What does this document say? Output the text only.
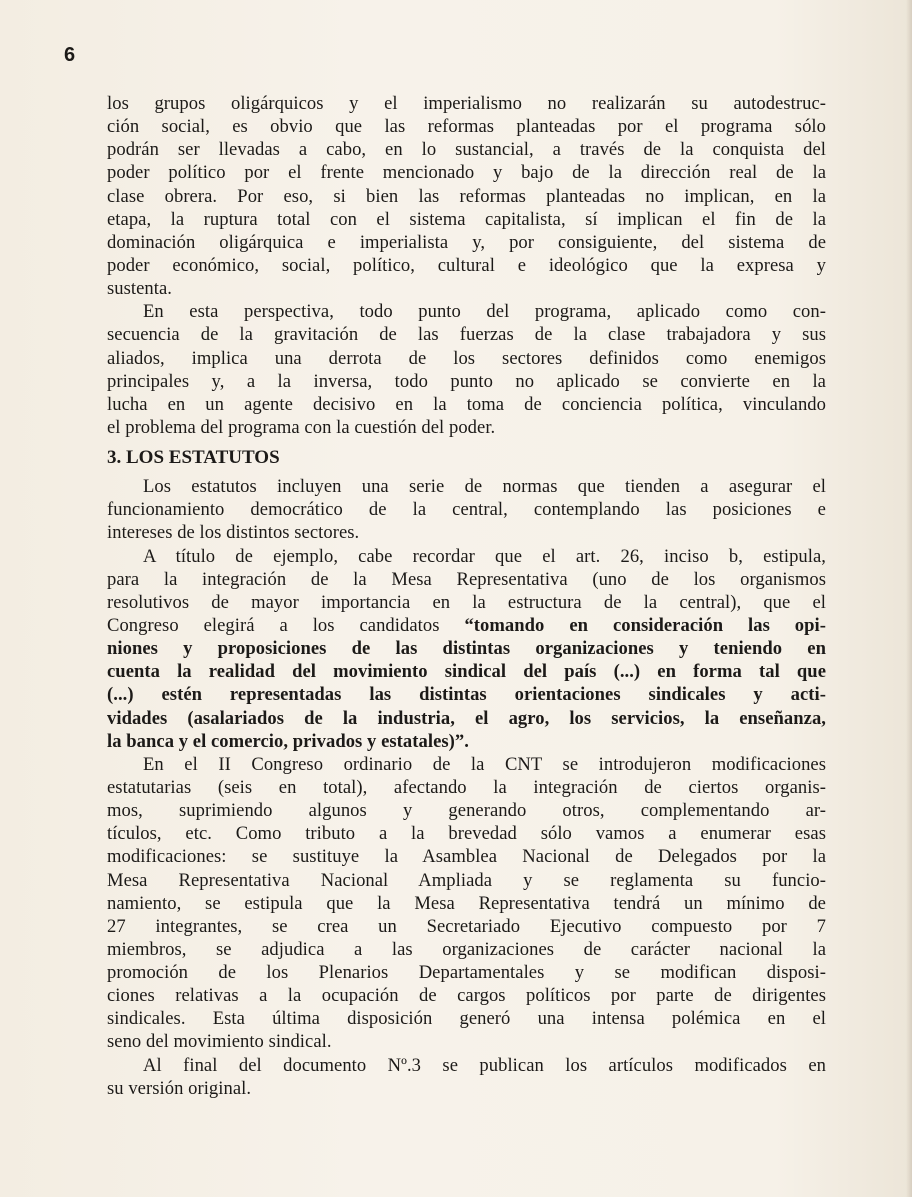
6
los grupos oligárquicos y el imperialismo no realizarán su autodestruc-
ción social, es obvio que las reformas planteadas por el programa sólo
podrán ser llevadas a cabo, en lo sustancial, a través de la conquista del
poder político por el frente mencionado y bajo de la dirección real de la
clase obrera. Por eso, si bien las reformas planteadas no implican, en la
etapa, la ruptura total con el sistema capitalista, sí implican el fin de la
dominación oligárquica e imperialista y, por consiguiente, del sistema de
poder económico, social, político, cultural e ideológico que la expresa y
sustenta.
En esta perspectiva, todo punto del programa, aplicado como con-
secuencia de la gravitación de las fuerzas de la clase trabajadora y sus
aliados, implica una derrota de los sectores definidos como enemigos
principales y, a la inversa, todo punto no aplicado se convierte en la
lucha en un agente decisivo en la toma de conciencia política, vinculando
el problema del programa con la cuestión del poder.
3. LOS ESTATUTOS
Los estatutos incluyen una serie de normas que tienden a asegurar el
funcionamiento democrático de la central, contemplando las posiciones e
intereses de los distintos sectores.
A título de ejemplo, cabe recordar que el art. 26, inciso b, estipula,
para la integración de la Mesa Representativa (uno de los organismos
resolutivos de mayor importancia en la estructura de la central), que el
Congreso elegirá a los candidatos “tomando en consideración las opi-
niones y proposiciones de las distintas organizaciones y teniendo en
cuenta la realidad del movimiento sindical del país (...) en forma tal que
(...) estén representadas las distintas orientaciones sindicales y acti-
vidades (asalariados de la industria, el agro, los servicios, la enseñanza,
la banca y el comercio, privados y estatales)”.
En el II Congreso ordinario de la CNT se introdujeron modificaciones
estatutarias (seis en total), afectando la integración de ciertos organis-
mos, suprimiendo algunos y generando otros, complementando ar-
tículos, etc. Como tributo a la brevedad sólo vamos a enumerar esas
modificaciones: se sustituye la Asamblea Nacional de Delegados por la
Mesa Representativa Nacional Ampliada y se reglamenta su funcio-
namiento, se estipula que la Mesa Representativa tendrá un mínimo de
27 integrantes, se crea un Secretariado Ejecutivo compuesto por 7
miembros, se adjudica a las organizaciones de carácter nacional la
promoción de los Plenarios Departamentales y se modifican disposi-
ciones relativas a la ocupación de cargos políticos por parte de dirigentes
sindicales. Esta última disposición generó una intensa polémica en el
seno del movimiento sindical.
Al final del documento Nº.3 se publican los artículos modificados en
su versión original.
